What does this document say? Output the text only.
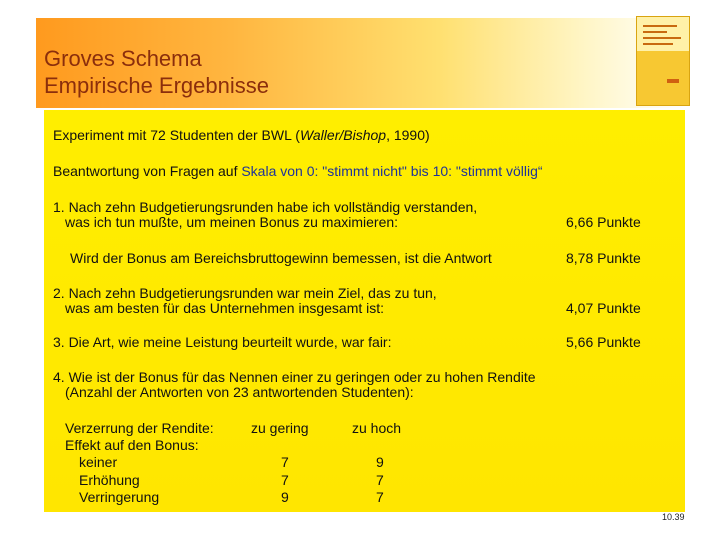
Groves Schema
Empirische Ergebnisse
Experiment mit 72 Studenten der BWL (Waller/Bishop, 1990)
Beantwortung von Fragen auf Skala von 0: "stimmt nicht" bis 10: "stimmt völlig“
1. Nach zehn Budgetierungsrunden habe ich vollständig verstanden,
was ich tun mußte, um meinen Bonus zu maximieren:	6,66 Punkte
Wird der Bonus am Bereichsbruttogewinn bemessen, ist die Antwort	8,78 Punkte
2. Nach zehn Budgetierungsrunden war mein Ziel, das zu tun,
was am besten für das Unternehmen insgesamt ist:	4,07 Punkte
3. Die Art, wie meine Leistung beurteilt wurde, war fair:	5,66 Punkte
4. Wie ist der Bonus für das Nennen einer zu geringen oder zu hohen Rendite
(Anzahl der Antworten von 23 antwortenden Studenten):
Verzerrung der Rendite:	zu gering	zu hoch
Effekt auf den Bonus:
keiner	7	9
Erhöhung	7	7
Verringerung	9	7
10.39
